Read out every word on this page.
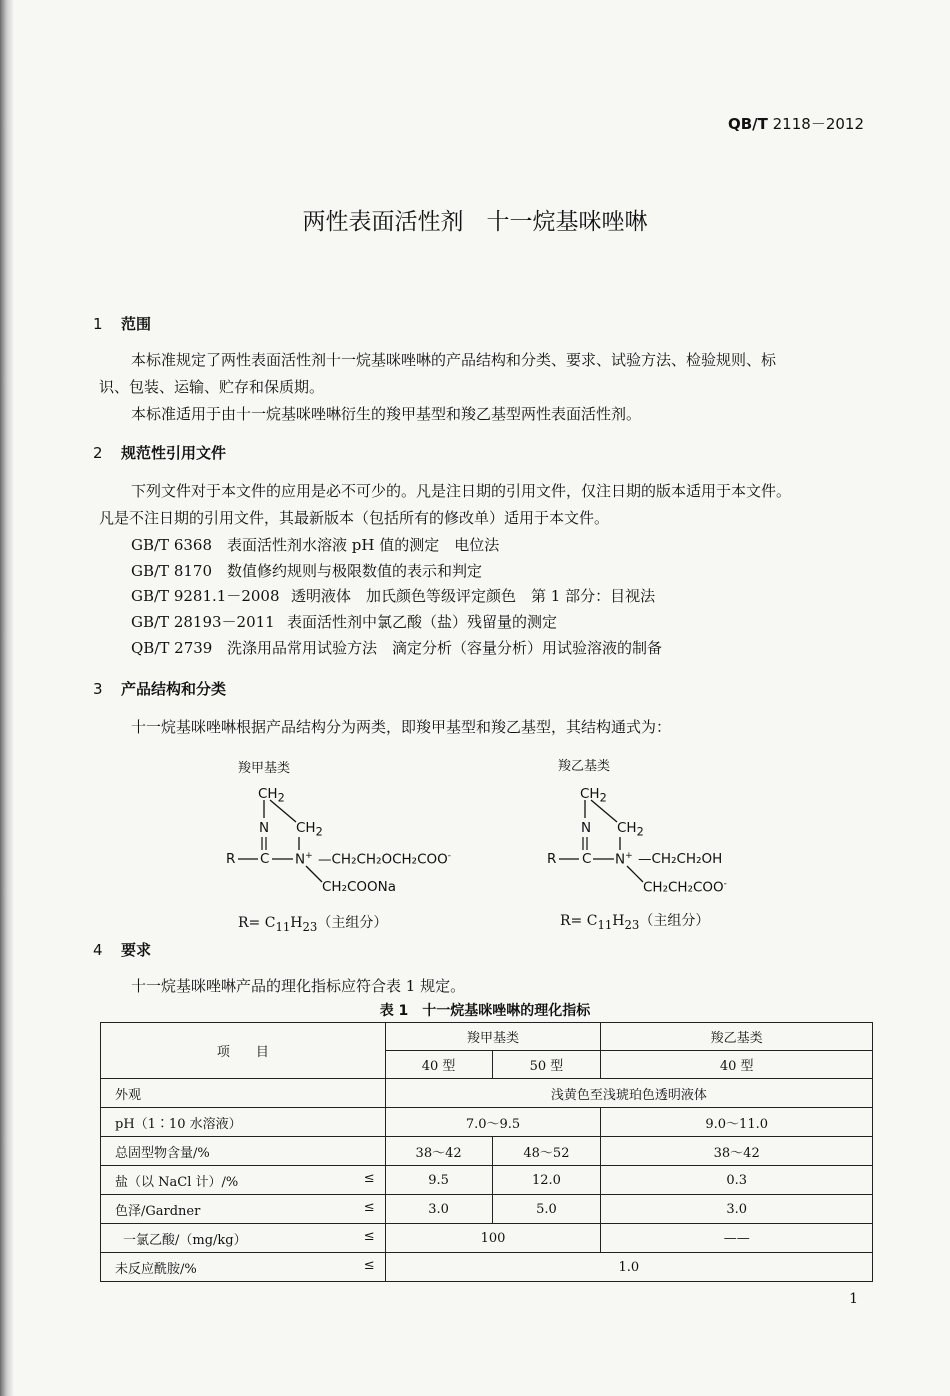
QB/T 2118－2012
两性表面活性剂　十一烷基咪唑啉
1 范围
本标准规定了两性表面活性剂十一烷基咪唑啉的产品结构和分类、要求、试验方法、检验规则、标
识、包装、运输、贮存和保质期。
本标准适用于由十一烷基咪唑啉衍生的羧甲基型和羧乙基型两性表面活性剂。
2 规范性引用文件
下列文件对于本文件的应用是必不可少的。凡是注日期的引用文件，仅注日期的版本适用于本文件。
凡是不注日期的引用文件，其最新版本（包括所有的修改单）适用于本文件。
GB/T 6368 表面活性剂水溶液 pH 值的测定　电位法
GB/T 8170 数值修约规则与极限数值的表示和判定
GB/T 9281.1－2008 透明液体　加氏颜色等级评定颜色　第 1 部分：目视法
GB/T 28193－2011 表面活性剂中氯乙酸（盐）残留量的测定
QB/T 2739 洗涤用品常用试验方法　滴定分析（容量分析）用试验溶液的制备
3 产品结构和分类
十一烷基咪唑啉根据产品结构分为两类，即羧甲基型和羧乙基型，其结构通式为：
羧甲基类
$CH_2$
N $CH_2$
R C N+ —CH₂CH₂OCH₂COO-
CH₂COONa
$R= C_{11}H_{23}$（主组分）
羧乙基类
$CH_2$
N $CH_2$
R C N+ —CH₂CH₂OH
CH₂CH₂COO-
$R= C_{11}H_{23}$（主组分）
4 要求
十一烷基咪唑啉产品的理化指标应符合表 1 规定。
表 1　十一烷基咪唑啉的理化指标
项　　目	羧甲基类		羧乙基类
	40 型	50 型	40 型
外观	浅黄色至浅琥珀色透明液体		
pH（1∶10 水溶液）	7.0～9.5		9.0～11.0
总固型物含量/%	38～42	48～52	38～42
盐（以 NaCl 计）/% ≤	9.5	12.0	0.3
色泽/Gardner ≤	3.0	5.0	3.0
一氯乙酸/（mg/kg） ≤	100		——
未反应酰胺/% ≤	1.0		
1
